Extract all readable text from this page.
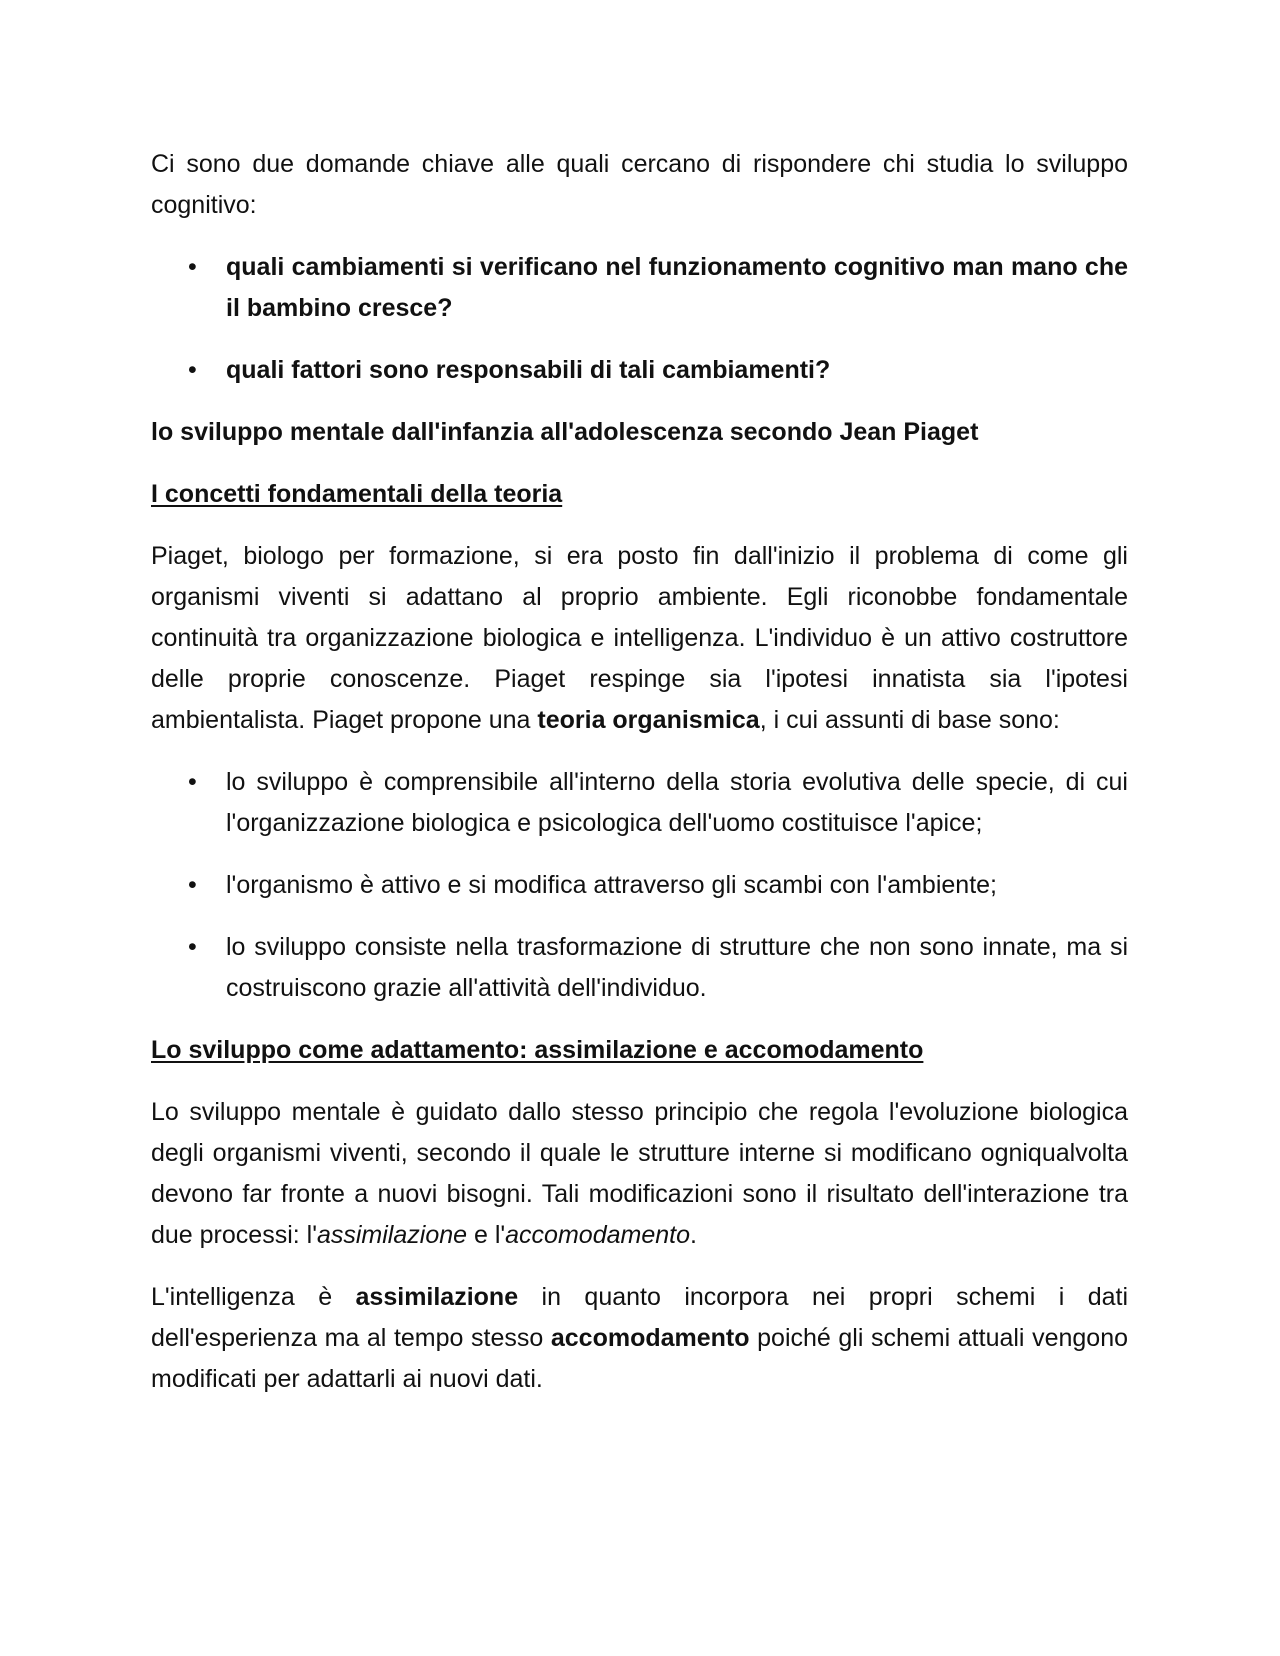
Ci sono due domande chiave alle quali cercano di rispondere chi studia lo sviluppo cognitivo:

• quali cambiamenti si verificano nel funzionamento cognitivo man mano che il bambino cresce?
• quali fattori sono responsabili di tali cambiamenti?

lo sviluppo mentale dall'infanzia all'adolescenza secondo Jean Piaget

I concetti fondamentali della teoria

Piaget, biologo per formazione, si era posto fin dall'inizio il problema di come gli organismi viventi si adattano al proprio ambiente. Egli riconobbe fondamentale continuità tra organizzazione biologica e intelligenza. L'individuo è un attivo costruttore delle proprie conoscenze. Piaget respinge sia l'ipotesi innatista sia l'ipotesi ambientalista. Piaget propone una teoria organismica, i cui assunti di base sono:

• lo sviluppo è comprensibile all'interno della storia evolutiva delle specie, di cui l'organizzazione biologica e psicologica dell'uomo costituisce l'apice;
• l'organismo è attivo e si modifica attraverso gli scambi con l'ambiente;
• lo sviluppo consiste nella trasformazione di strutture che non sono innate, ma si costruiscono grazie all'attività dell'individuo.

Lo sviluppo come adattamento: assimilazione e accomodamento

Lo sviluppo mentale è guidato dallo stesso principio che regola l'evoluzione biologica degli organismi viventi, secondo il quale le strutture interne si modificano ogniqualvolta devono far fronte a nuovi bisogni. Tali modificazioni sono il risultato dell'interazione tra due processi: l'assimilazione e l'accomodamento.

L'intelligenza è assimilazione in quanto incorpora nei propri schemi i dati dell'esperienza ma al tempo stesso accomodamento poiché gli schemi attuali vengono modificati per adattarli ai nuovi dati.
